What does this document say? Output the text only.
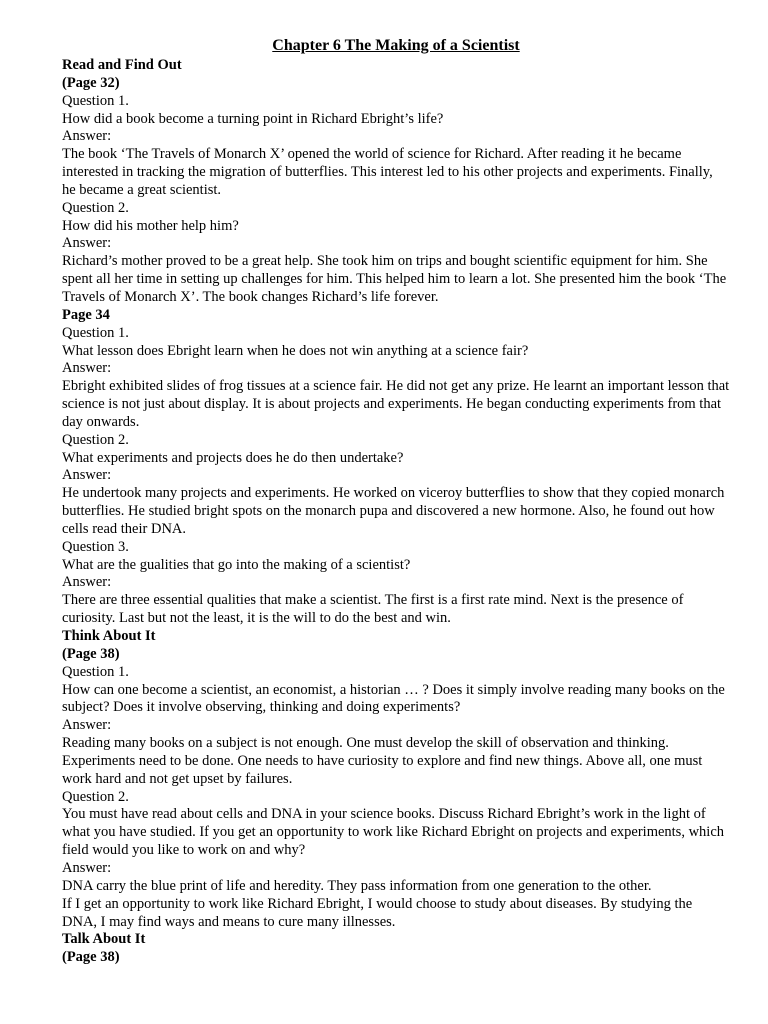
Chapter 6 The Making of a Scientist

Read and Find Out

(Page 32)

Question 1.

How did a book become a turning point in Richard Ebright’s life?

Answer:

The book ‘The Travels of Monarch X’ opened the world of science for Richard. After reading it he became interested in tracking the migration of butterflies. This interest led to his other projects and experiments. Finally, he became a great scientist.

Question 2.

How did his mother help him?

Answer:

Richard’s mother proved to be a great help. She took him on trips and bought scientific equipment for him. She spent all her time in setting up challenges for him. This helped him to learn a lot. She presented him the book ‘The Travels of Monarch X’. The book changes Richard’s life forever.

Page 34

Question 1.

What lesson does Ebright learn when he does not win anything at a science fair?

Answer:

Ebright exhibited slides of frog tissues at a science fair. He did not get any prize. He learnt an important lesson that science is not just about display. It is about projects and experiments. He began conducting experiments from that day onwards.

Question 2.

What experiments and projects does he do then undertake?

Answer:

He undertook many projects and experiments. He worked on viceroy butterflies to show that they copied monarch butterflies. He studied bright spots on the monarch pupa and discovered a new hormone. Also, he found out how cells read their DNA.

Question 3.

What are the gualities that go into the making of a scientist?

Answer:

There are three essential qualities that make a scientist. The first is a first rate mind. Next is the presence of curiosity. Last but not the least, it is the will to do the best and win.

Think About It

(Page 38)

Question 1.

How can one become a scientist, an economist, a historian … ? Does it simply involve reading many books on the subject? Does it involve observing, thinking and doing experiments?

Answer:

Reading many books on a subject is not enough. One must develop the skill of observation and thinking. Experiments need to be done. One needs to have curiosity to explore and find new things. Above all, one must work hard and not get upset by failures.

Question 2.

You must have read about cells and DNA in your science books. Discuss Richard Ebright’s work in the light of what you have studied. If you get an opportunity to work like Richard Ebright on projects and experiments, which field would you like to work on and why?

Answer:

DNA carry the blue print of life and heredity. They pass information from one generation to the other.

If I get an opportunity to work like Richard Ebright, I would choose to study about diseases. By studying the DNA, I may find ways and means to cure many illnesses.

Talk About It

(Page 38)
